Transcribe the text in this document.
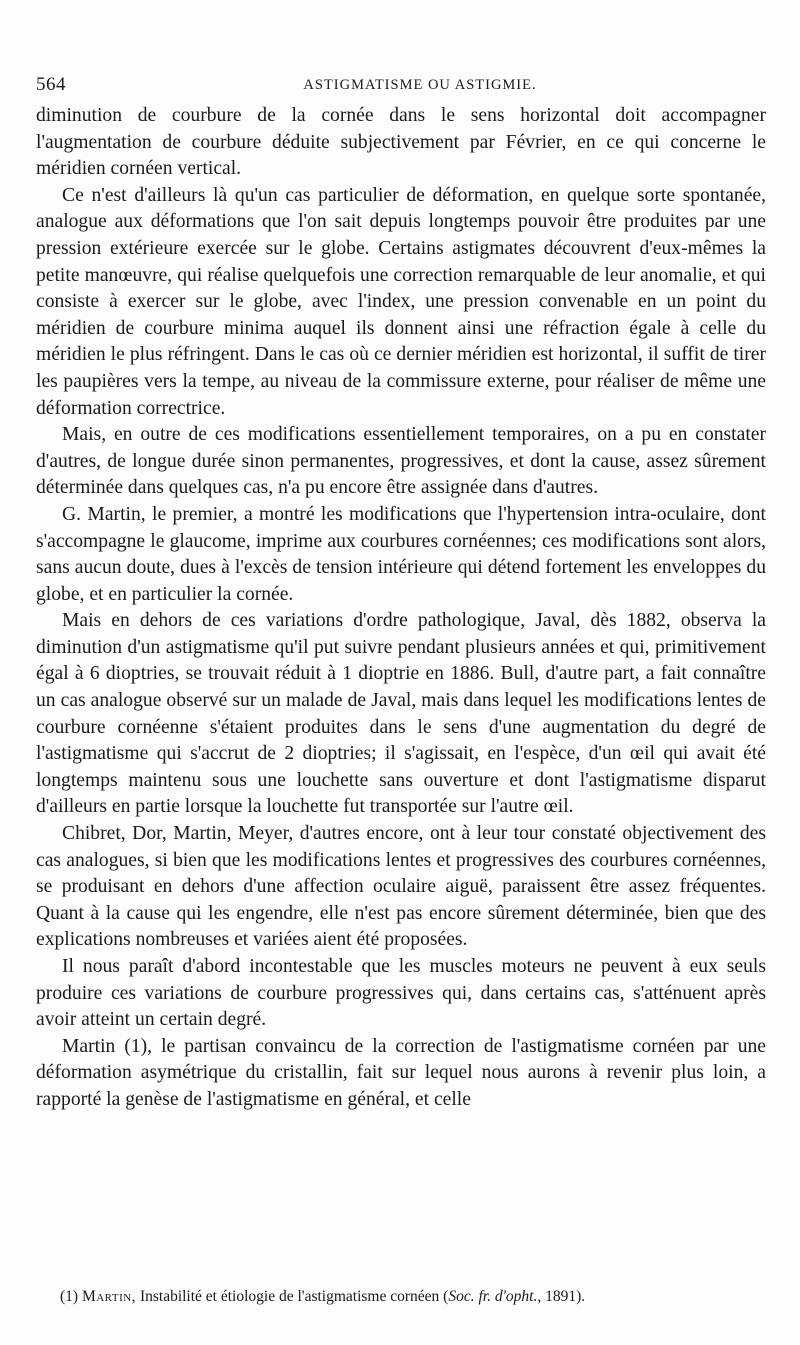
564	ASTIGMATISME OU ASTIGMIE.

diminution de courbure de la cornée dans le sens horizontal doit accompagner l'augmentation de courbure déduite subjectivement par Février, en ce qui concerne le méridien cornéen vertical.

Ce n'est d'ailleurs là qu'un cas particulier de déformation, en quelque sorte spontanée, analogue aux déformations que l'on sait depuis longtemps pouvoir être produites par une pression extérieure exercée sur le globe. Certains astigmates découvrent d'eux-mêmes la petite manœuvre, qui réalise quelquefois une correction remarquable de leur anomalie, et qui consiste à exercer sur le globe, avec l'index, une pression convenable en un point du méridien de courbure minima auquel ils donnent ainsi une réfraction égale à celle du méridien le plus réfringent. Dans le cas où ce dernier méridien est horizontal, il suffit de tirer les paupières vers la tempe, au niveau de la commissure externe, pour réaliser de même une déformation correctrice.

Mais, en outre de ces modifications essentiellement temporaires, on a pu en constater d'autres, de longue durée sinon permanentes, progressives, et dont la cause, assez sûrement déterminée dans quelques cas, n'a pu encore être assignée dans d'autres.

G. Martin, le premier, a montré les modifications que l'hypertension intra-oculaire, dont s'accompagne le glaucome, imprime aux courbures cornéennes; ces modifications sont alors, sans aucun doute, dues à l'excès de tension intérieure qui détend fortement les enveloppes du globe, et en particulier la cornée.

Mais en dehors de ces variations d'ordre pathologique, Javal, dès 1882, observa la diminution d'un astigmatisme qu'il put suivre pendant plusieurs années et qui, primitivement égal à 6 dioptries, se trouvait réduit à 1 dioptrie en 1886. Bull, d'autre part, a fait connaître un cas analogue observé sur un malade de Javal, mais dans lequel les modifications lentes de courbure cornéenne s'étaient produites dans le sens d'une augmentation du degré de l'astigmatisme qui s'accrut de 2 dioptries; il s'agissait, en l'espèce, d'un œil qui avait été longtemps maintenu sous une louchette sans ouverture et dont l'astigmatisme disparut d'ailleurs en partie lorsque la louchette fut transportée sur l'autre œil.

Chibret, Dor, Martin, Meyer, d'autres encore, ont à leur tour constaté objectivement des cas analogues, si bien que les modifications lentes et progressives des courbures cornéennes, se produisant en dehors d'une affection oculaire aiguë, paraissent être assez fréquentes. Quant à la cause qui les engendre, elle n'est pas encore sûrement déterminée, bien que des explications nombreuses et variées aient été proposées.

Il nous paraît d'abord incontestable que les muscles moteurs ne peuvent à eux seuls produire ces variations de courbure progressives qui, dans certains cas, s'atténuent après avoir atteint un certain degré.

Martin (1), le partisan convaincu de la correction de l'astigmatisme cornéen par une déformation asymétrique du cristallin, fait sur lequel nous aurons à revenir plus loin, a rapporté la genèse de l'astigmatisme en général, et celle

(1) Martin, Instabilité et étiologie de l'astigmatisme cornéen (Soc. fr. d'opht., 1891).
